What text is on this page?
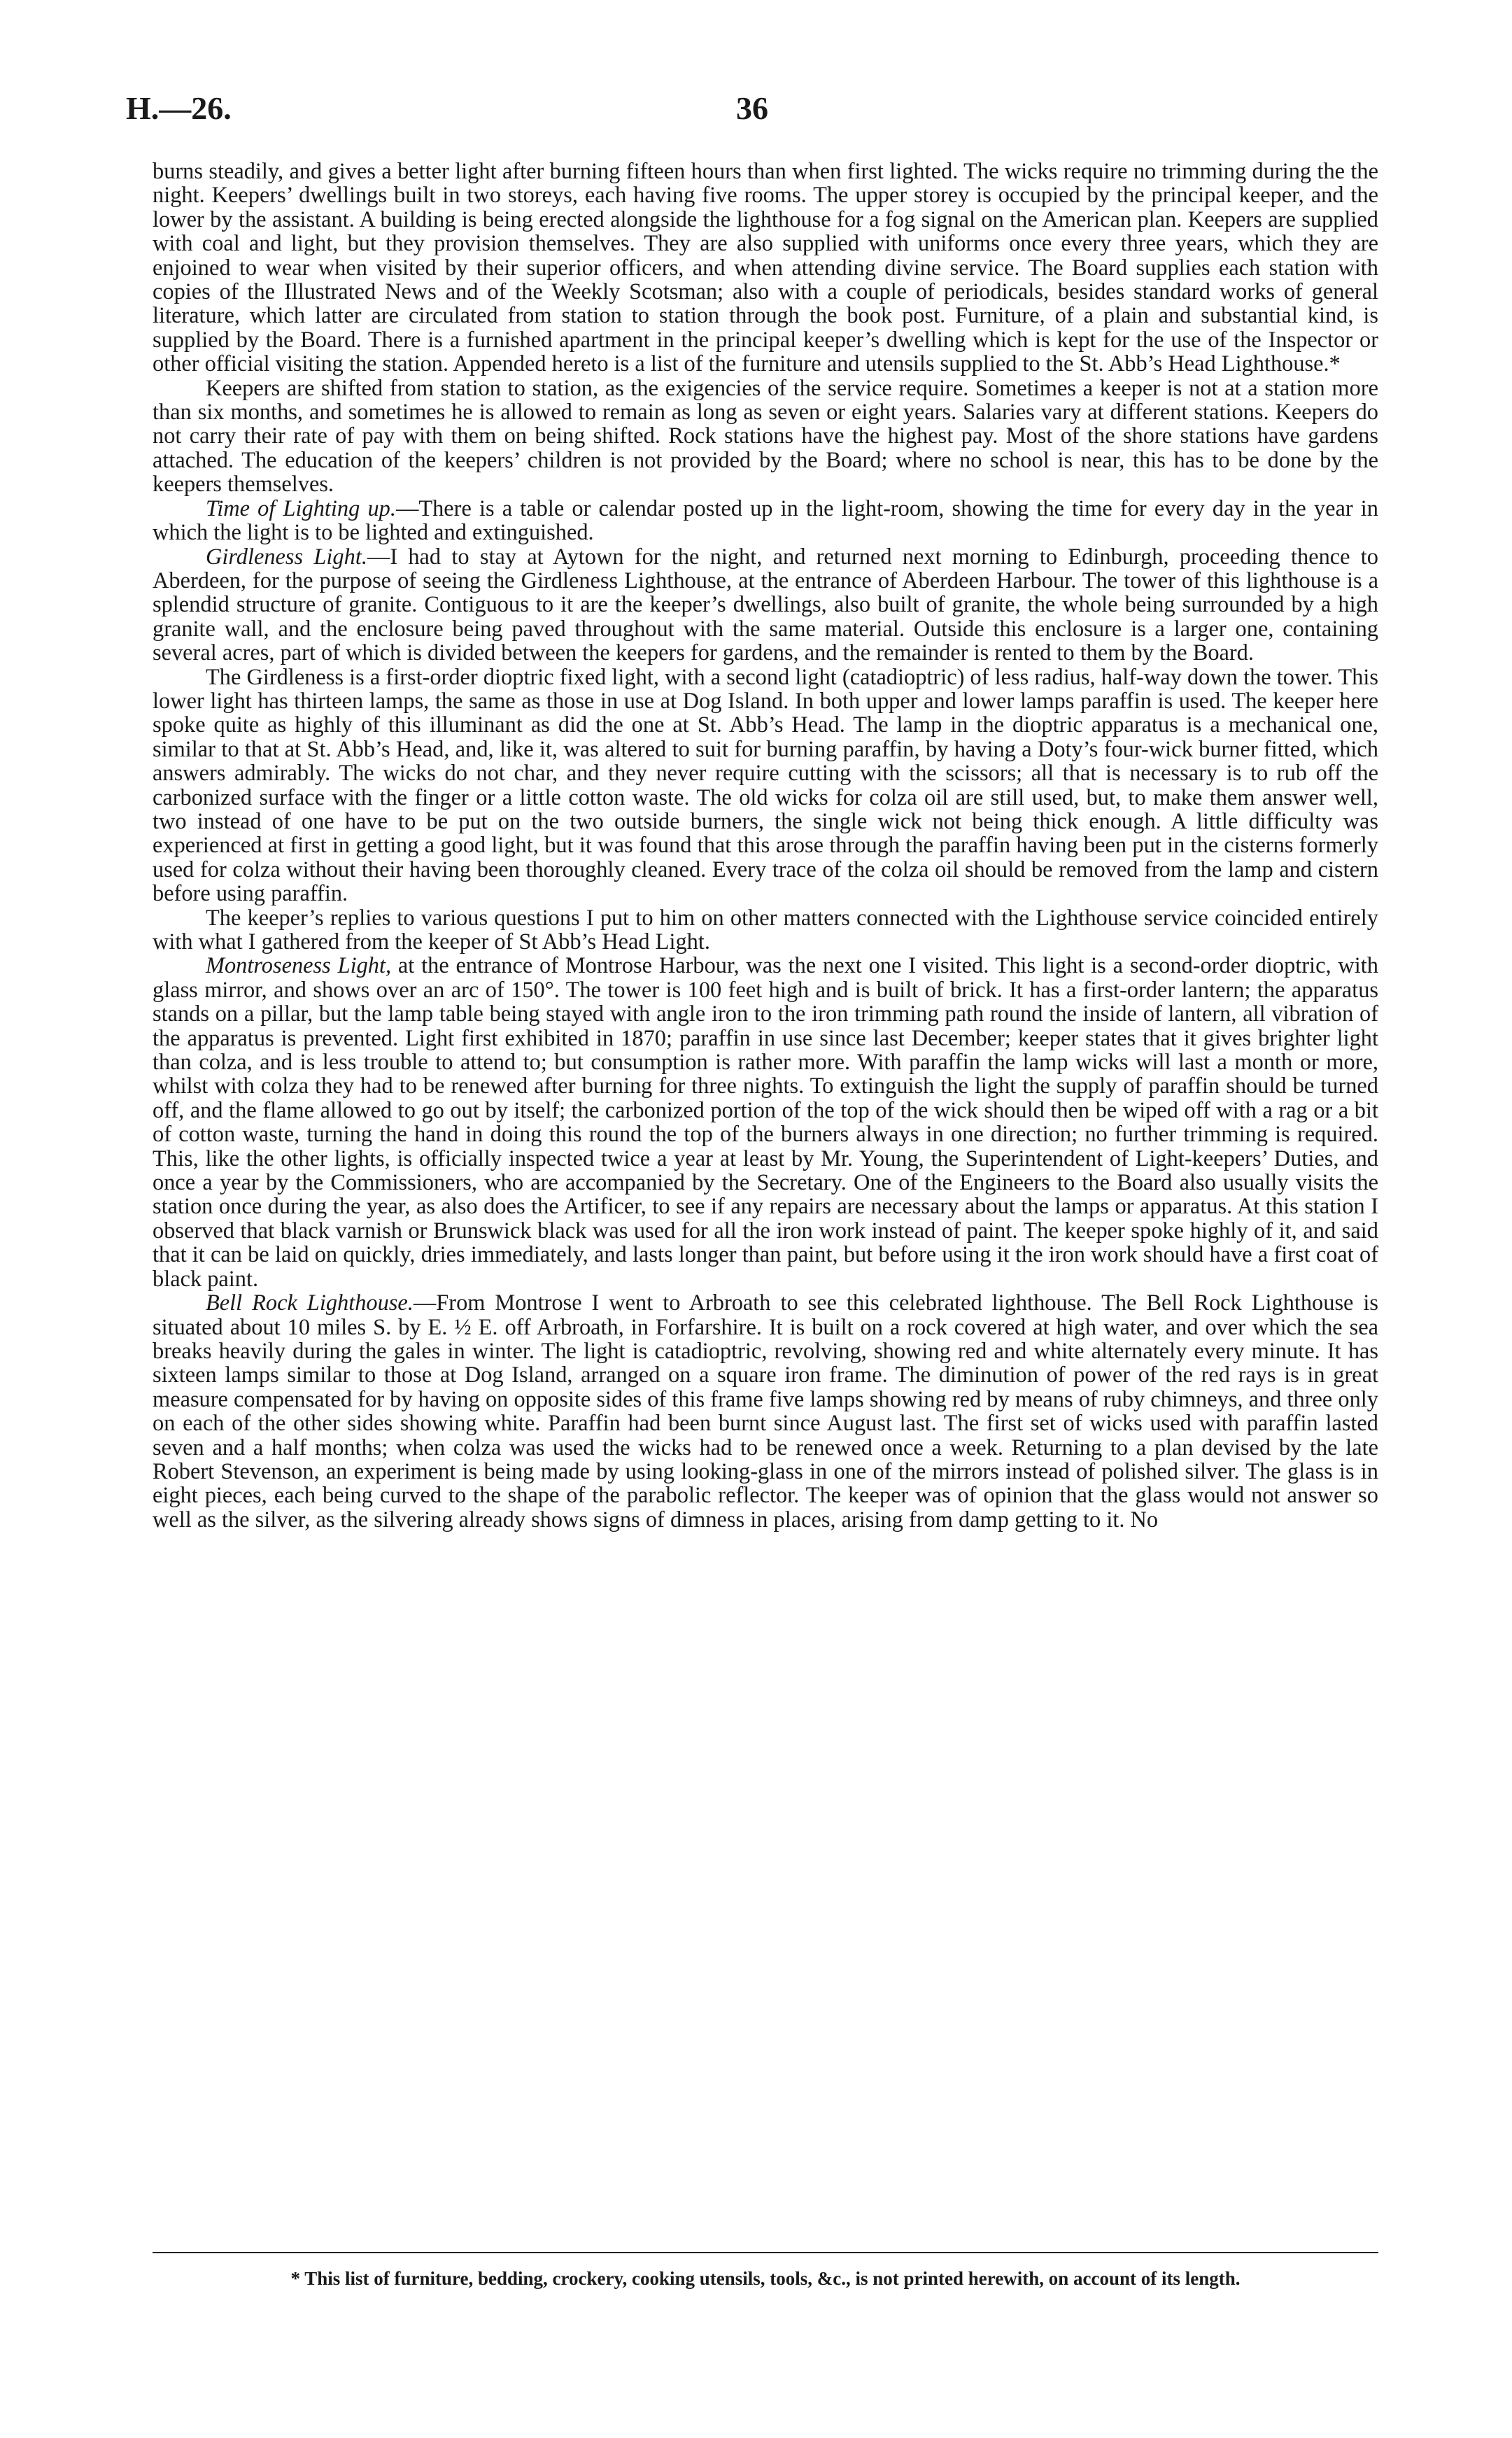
H.—26.	36

burns steadily, and gives a better light after burning fifteen hours than when first lighted. The wicks require no trimming during the the night. Keepers’ dwellings built in two storeys, each having five rooms. The upper storey is occupied by the principal keeper, and the lower by the assistant. A building is being erected alongside the lighthouse for a fog signal on the American plan. Keepers are supplied with coal and light, but they provision themselves. They are also supplied with uniforms once every three years, which they are enjoined to wear when visited by their superior officers, and when attending divine service. The Board supplies each station with copies of the Illustrated News and of the Weekly Scotsman; also with a couple of periodicals, besides standard works of general literature, which latter are circulated from station to station through the book post. Furniture, of a plain and substantial kind, is supplied by the Board. There is a furnished apartment in the principal keeper’s dwelling which is kept for the use of the Inspector or other official visiting the station. Appended hereto is a list of the furniture and utensils supplied to the St. Abb’s Head Lighthouse.*

Keepers are shifted from station to station, as the exigencies of the service require. Sometimes a keeper is not at a station more than six months, and sometimes he is allowed to remain as long as seven or eight years. Salaries vary at different stations. Keepers do not carry their rate of pay with them on being shifted. Rock stations have the highest pay. Most of the shore stations have gardens attached. The education of the keepers’ children is not provided by the Board; where no school is near, this has to be done by the keepers themselves.

Time of Lighting up.—There is a table or calendar posted up in the light-room, showing the time for every day in the year in which the light is to be lighted and extinguished.

Girdleness Light.—I had to stay at Aytown for the night, and returned next morning to Edinburgh, proceeding thence to Aberdeen, for the purpose of seeing the Girdleness Lighthouse, at the entrance of Aberdeen Harbour. The tower of this lighthouse is a splendid structure of granite. Contiguous to it are the keeper’s dwellings, also built of granite, the whole being surrounded by a high granite wall, and the enclosure being paved throughout with the same material. Outside this enclosure is a larger one, containing several acres, part of which is divided between the keepers for gardens, and the remainder is rented to them by the Board.

The Girdleness is a first-order dioptric fixed light, with a second light (catadioptric) of less radius, half-way down the tower. This lower light has thirteen lamps, the same as those in use at Dog Island. In both upper and lower lamps paraffin is used. The keeper here spoke quite as highly of this illuminant as did the one at St. Abb’s Head. The lamp in the dioptric apparatus is a mechanical one, similar to that at St. Abb’s Head, and, like it, was altered to suit for burning paraffin, by having a Doty’s four-wick burner fitted, which answers admirably. The wicks do not char, and they never require cutting with the scissors; all that is necessary is to rub off the carbonized surface with the finger or a little cotton waste. The old wicks for colza oil are still used, but, to make them answer well, two instead of one have to be put on the two outside burners, the single wick not being thick enough. A little difficulty was experienced at first in getting a good light, but it was found that this arose through the paraffin having been put in the cisterns formerly used for colza without their having been thoroughly cleaned. Every trace of the colza oil should be removed from the lamp and cistern before using paraffin.

The keeper’s replies to various questions I put to him on other matters connected with the Lighthouse service coincided entirely with what I gathered from the keeper of St Abb’s Head Light.

Montroseness Light, at the entrance of Montrose Harbour, was the next one I visited. This light is a second-order dioptric, with glass mirror, and shows over an arc of 150°. The tower is 100 feet high and is built of brick. It has a first-order lantern; the apparatus stands on a pillar, but the lamp table being stayed with angle iron to the iron trimming path round the inside of lantern, all vibration of the apparatus is prevented. Light first exhibited in 1870; paraffin in use since last December; keeper states that it gives brighter light than colza, and is less trouble to attend to; but consumption is rather more. With paraffin the lamp wicks will last a month or more, whilst with colza they had to be renewed after burning for three nights. To extinguish the light the supply of paraffin should be turned off, and the flame allowed to go out by itself; the carbonized portion of the top of the wick should then be wiped off with a rag or a bit of cotton waste, turning the hand in doing this round the top of the burners always in one direction; no further trimming is required. This, like the other lights, is officially inspected twice a year at least by Mr. Young, the Superintendent of Light-keepers’ Duties, and once a year by the Commissioners, who are accompanied by the Secretary. One of the Engineers to the Board also usually visits the station once during the year, as also does the Artificer, to see if any repairs are necessary about the lamps or apparatus. At this station I observed that black varnish or Brunswick black was used for all the iron work instead of paint. The keeper spoke highly of it, and said that it can be laid on quickly, dries immediately, and lasts longer than paint, but before using it the iron work should have a first coat of black paint.

Bell Rock Lighthouse.—From Montrose I went to Arbroath to see this celebrated lighthouse. The Bell Rock Lighthouse is situated about 10 miles S. by E. ½ E. off Arbroath, in Forfarshire. It is built on a rock covered at high water, and over which the sea breaks heavily during the gales in winter. The light is catadioptric, revolving, showing red and white alternately every minute. It has sixteen lamps similar to those at Dog Island, arranged on a square iron frame. The diminution of power of the red rays is in great measure compensated for by having on opposite sides of this frame five lamps showing red by means of ruby chimneys, and three only on each of the other sides showing white. Paraffin had been burnt since August last. The first set of wicks used with paraffin lasted seven and a half months; when colza was used the wicks had to be renewed once a week. Returning to a plan devised by the late Robert Stevenson, an experiment is being made by using looking-glass in one of the mirrors instead of polished silver. The glass is in eight pieces, each being curved to the shape of the parabolic reflector. The keeper was of opinion that the glass would not answer so well as the silver, as the silvering already shows signs of dimness in places, arising from damp getting to it. No

* This list of furniture, bedding, crockery, cooking utensils, tools, &c., is not printed herewith, on account of its length.
